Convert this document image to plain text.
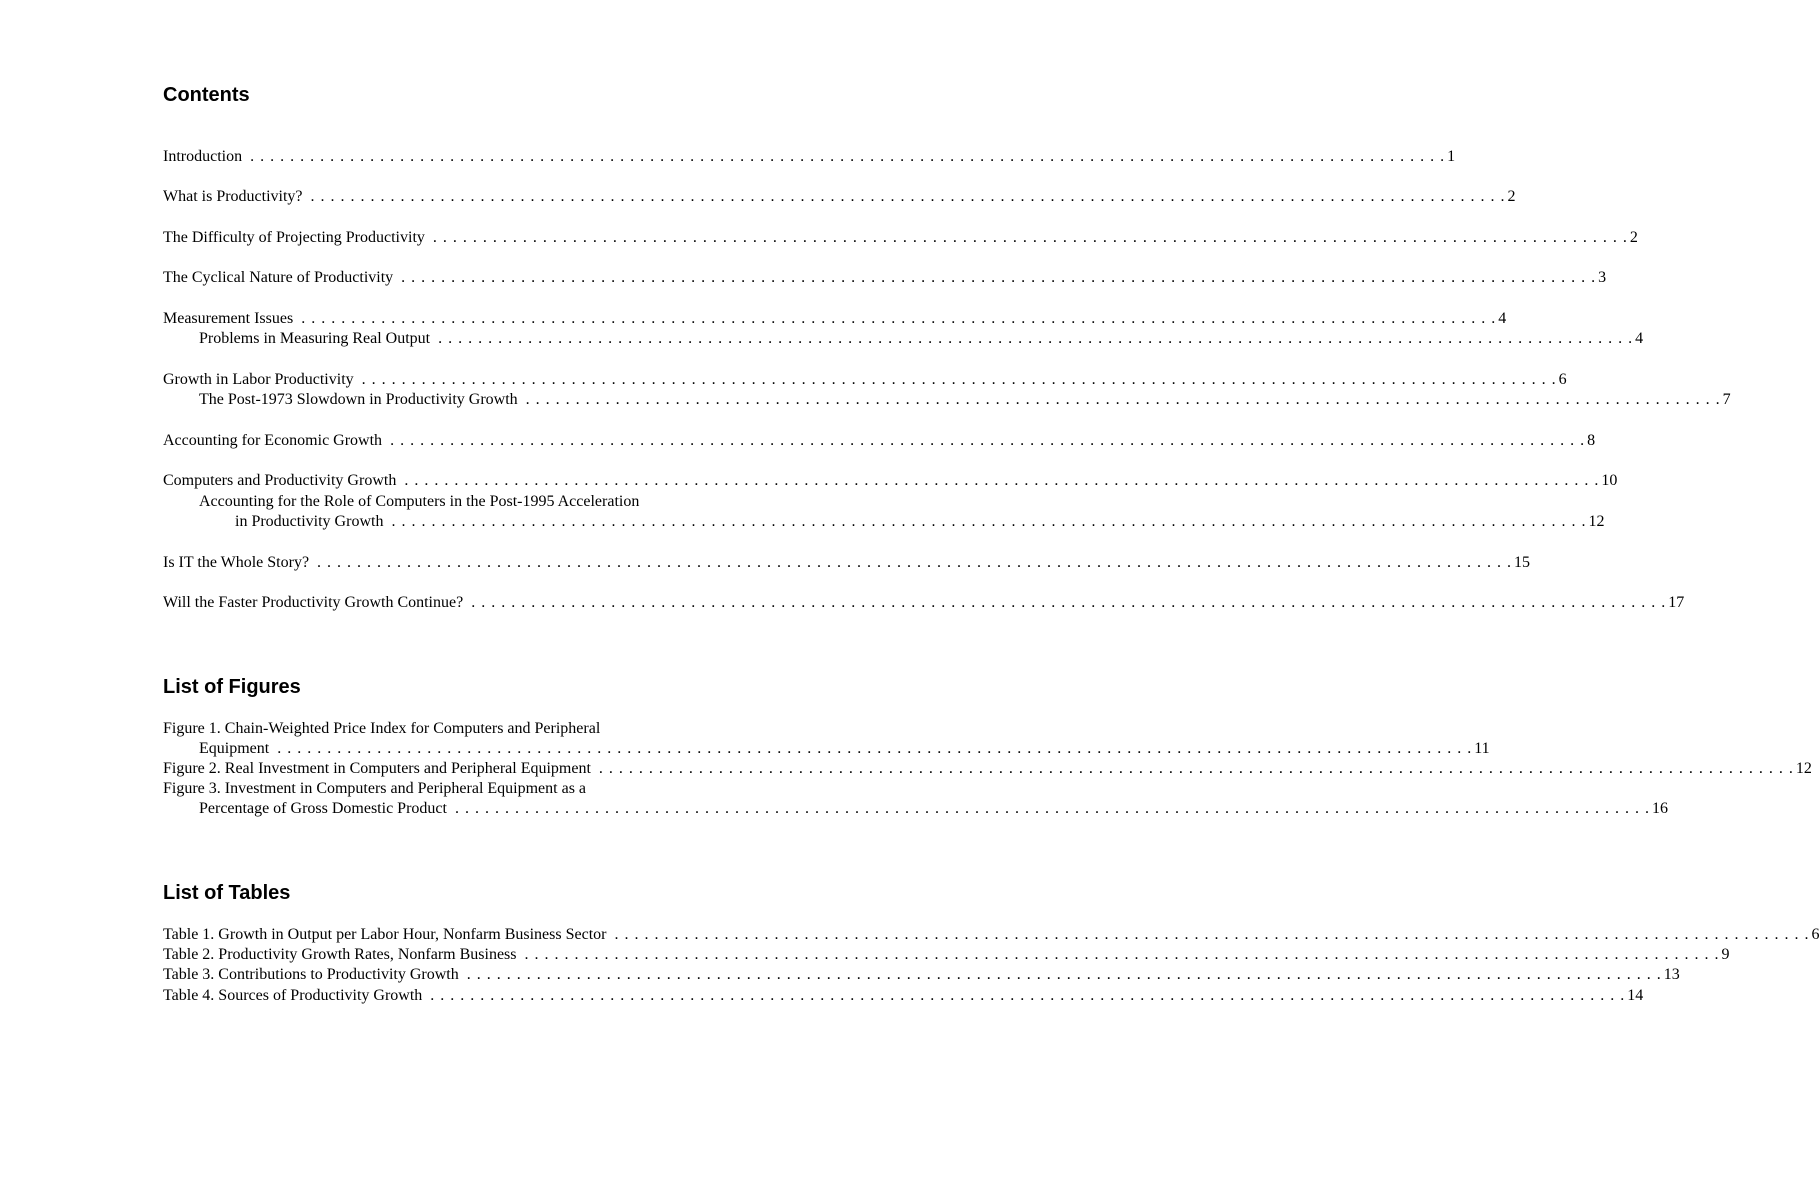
Contents
Introduction . . . . . . . . . . . . . . . . . . . . . . . . . . . . . . . . . . . . . . . . . . . . . . . . . . . . . . . . . . . . . . . . . . . . . . . . . . . . . . . . . . . . . . . . . . . . . . . . . . . . . . . . . . . . . . . . . . . . . . . . 1
What is Productivity? . . . . . . . . . . . . . . . . . . . . . . . . . . . . . . . . . . . . . . . . . . . . . . . . . . . . . . . . . . . . . . . . . . . . . . . . . . . . . . . . . . . . . . . . . . . . . . . . . . . . . . . . . . . . . . . . . . . . . . . . 2
The Difficulty of Projecting Productivity . . . . . . . . . . . . . . . . . . . . . . . . . . . . . . . . . . . . . . . . . . . . . . . . . . . . . . . . . . . . . . . . . . . . . . . . . . . . . . . . . . . . . . . . . . . . . . . . . . . . . . . . . . . . . . . . . . . . . . . . 2
The Cyclical Nature of Productivity . . . . . . . . . . . . . . . . . . . . . . . . . . . . . . . . . . . . . . . . . . . . . . . . . . . . . . . . . . . . . . . . . . . . . . . . . . . . . . . . . . . . . . . . . . . . . . . . . . . . . . . . . . . . . . . . . . . . . . . . 3
Measurement Issues . . . . . . . . . . . . . . . . . . . . . . . . . . . . . . . . . . . . . . . . . . . . . . . . . . . . . . . . . . . . . . . . . . . . . . . . . . . . . . . . . . . . . . . . . . . . . . . . . . . . . . . . . . . . . . . . . . . . . . . . 4
Problems in Measuring Real Output . . . . . . . . . . . . . . . . . . . . . . . . . . . . . . . . . . . . . . . . . . . . . . . . . . . . . . . . . . . . . . . . . . . . . . . . . . . . . . . . . . . . . . . . . . . . . . . . . . . . . . . . . . . . . . . . . . . . . . . . 4
Growth in Labor Productivity . . . . . . . . . . . . . . . . . . . . . . . . . . . . . . . . . . . . . . . . . . . . . . . . . . . . . . . . . . . . . . . . . . . . . . . . . . . . . . . . . . . . . . . . . . . . . . . . . . . . . . . . . . . . . . . . . . . . . . . . 6
The Post-1973 Slowdown in Productivity Growth . . . . . . . . . . . . . . . . . . . . . . . . . . . . . . . . . . . . . . . . . . . . . . . . . . . . . . . . . . . . . . . . . . . . . . . . . . . . . . . . . . . . . . . . . . . . . . . . . . . . . . . . . . . . . . . . . . . . . . . . 7
Accounting for Economic Growth . . . . . . . . . . . . . . . . . . . . . . . . . . . . . . . . . . . . . . . . . . . . . . . . . . . . . . . . . . . . . . . . . . . . . . . . . . . . . . . . . . . . . . . . . . . . . . . . . . . . . . . . . . . . . . . . . . . . . . . . 8
Computers and Productivity Growth . . . . . . . . . . . . . . . . . . . . . . . . . . . . . . . . . . . . . . . . . . . . . . . . . . . . . . . . . . . . . . . . . . . . . . . . . . . . . . . . . . . . . . . . . . . . . . . . . . . . . . . . . . . . . . . . . . . . . . . . 10
Accounting for the Role of Computers in the Post-1995 Acceleration
in Productivity Growth . . . . . . . . . . . . . . . . . . . . . . . . . . . . . . . . . . . . . . . . . . . . . . . . . . . . . . . . . . . . . . . . . . . . . . . . . . . . . . . . . . . . . . . . . . . . . . . . . . . . . . . . . . . . . . . . . . . . . . . . 12
Is IT the Whole Story? . . . . . . . . . . . . . . . . . . . . . . . . . . . . . . . . . . . . . . . . . . . . . . . . . . . . . . . . . . . . . . . . . . . . . . . . . . . . . . . . . . . . . . . . . . . . . . . . . . . . . . . . . . . . . . . . . . . . . . . . 15
Will the Faster Productivity Growth Continue? . . . . . . . . . . . . . . . . . . . . . . . . . . . . . . . . . . . . . . . . . . . . . . . . . . . . . . . . . . . . . . . . . . . . . . . . . . . . . . . . . . . . . . . . . . . . . . . . . . . . . . . . . . . . . . . . . . . . . . . . 17
List of Figures
Figure 1. Chain-Weighted Price Index for Computers and Peripheral
Equipment . . . . . . . . . . . . . . . . . . . . . . . . . . . . . . . . . . . . . . . . . . . . . . . . . . . . . . . . . . . . . . . . . . . . . . . . . . . . . . . . . . . . . . . . . . . . . . . . . . . . . . . . . . . . . . . . . . . . . . . . 11
Figure 2. Real Investment in Computers and Peripheral Equipment . . . . . . . . . . . . . . . . . . . . . . . . . . . . . . . . . . . . . . . . . . . . . . . . . . . . . . . . . . . . . . . . . . . . . . . . . . . . . . . . . . . . . . . . . . . . . . . . . . . . . . . . . . . . . . . . . . . . . . . . 12
Figure 3. Investment in Computers and Peripheral Equipment as a
Percentage of Gross Domestic Product . . . . . . . . . . . . . . . . . . . . . . . . . . . . . . . . . . . . . . . . . . . . . . . . . . . . . . . . . . . . . . . . . . . . . . . . . . . . . . . . . . . . . . . . . . . . . . . . . . . . . . . . . . . . . . . . . . . . . . . . 16
List of Tables
Table 1. Growth in Output per Labor Hour, Nonfarm Business Sector . . . . . . . . . . . . . . . . . . . . . . . . . . . . . . . . . . . . . . . . . . . . . . . . . . . . . . . . . . . . . . . . . . . . . . . . . . . . . . . . . . . . . . . . . . . . . . . . . . . . . . . . . . . . . . . . . . . . . . . . 6
Table 2. Productivity Growth Rates, Nonfarm Business . . . . . . . . . . . . . . . . . . . . . . . . . . . . . . . . . . . . . . . . . . . . . . . . . . . . . . . . . . . . . . . . . . . . . . . . . . . . . . . . . . . . . . . . . . . . . . . . . . . . . . . . . . . . . . . . . . . . . . . . 9
Table 3. Contributions to Productivity Growth . . . . . . . . . . . . . . . . . . . . . . . . . . . . . . . . . . . . . . . . . . . . . . . . . . . . . . . . . . . . . . . . . . . . . . . . . . . . . . . . . . . . . . . . . . . . . . . . . . . . . . . . . . . . . . . . . . . . . . . . 13
Table 4. Sources of Productivity Growth . . . . . . . . . . . . . . . . . . . . . . . . . . . . . . . . . . . . . . . . . . . . . . . . . . . . . . . . . . . . . . . . . . . . . . . . . . . . . . . . . . . . . . . . . . . . . . . . . . . . . . . . . . . . . . . . . . . . . . . . 14
